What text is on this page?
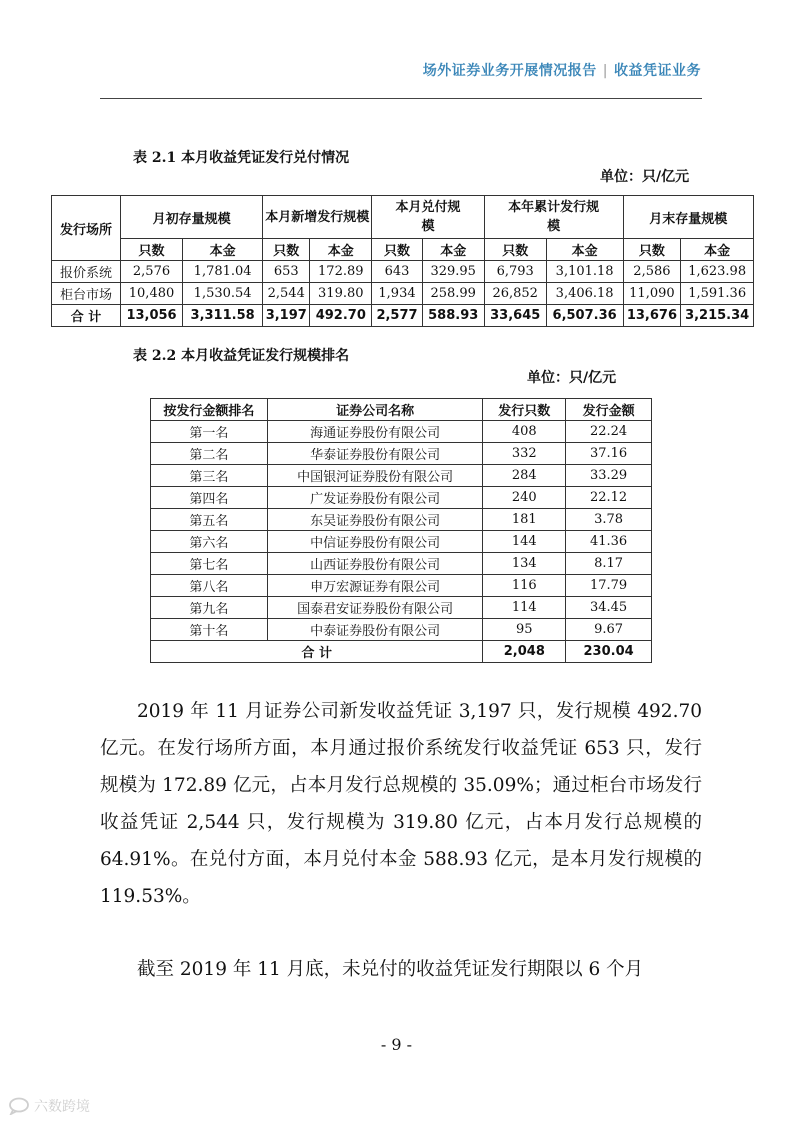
场外证券业务开展情况报告 | 收益凭证业务
表 2.1 本月收益凭证发行兑付情况
单位：只/亿元
发行场所	月初存量规模		本月新增发行规模		本月兑付规模		本年累计发行规模		月末存量规模	
	只数	本金	只数	本金	只数	本金	只数	本金	只数	本金
报价系统	2,576	1,781.04	653	172.89	643	329.95	6,793	3,101.18	2,586	1,623.98
柜台市场	10,480	1,530.54	2,544	319.80	1,934	258.99	26,852	3,406.18	11,090	1,591.36
合 计	13,056	3,311.58	3,197	492.70	2,577	588.93	33,645	6,507.36	13,676	3,215.34
表 2.2 本月收益凭证发行规模排名
单位：只/亿元
按发行金额排名	证券公司名称	发行只数	发行金额
第一名	海通证券股份有限公司	408	22.24
第二名	华泰证券股份有限公司	332	37.16
第三名	中国银河证券股份有限公司	284	33.29
第四名	广发证券股份有限公司	240	22.12
第五名	东吴证券股份有限公司	181	3.78
第六名	中信证券股份有限公司	144	41.36
第七名	山西证券股份有限公司	134	8.17
第八名	申万宏源证券有限公司	116	17.79
第九名	国泰君安证券股份有限公司	114	34.45
第十名	中泰证券股份有限公司	95	9.67
合 计		2,048	230.04
2019 年 11 月证券公司新发收益凭证 3,197 只，发行规模 492.70 亿元。在发行场所方面，本月通过报价系统发行收益凭证 653 只，发行规模为 172.89 亿元，占本月发行总规模的 35.09%；通过柜台市场发行收益凭证 2,544 只，发行规模为 319.80 亿元，占本月发行总规模的 64.91%。在兑付方面，本月兑付本金 588.93 亿元，是本月发行规模的 119.53%。
截至 2019 年 11 月底，未兑付的收益凭证发行期限以 6 个月
- 9 -
六数跨境
